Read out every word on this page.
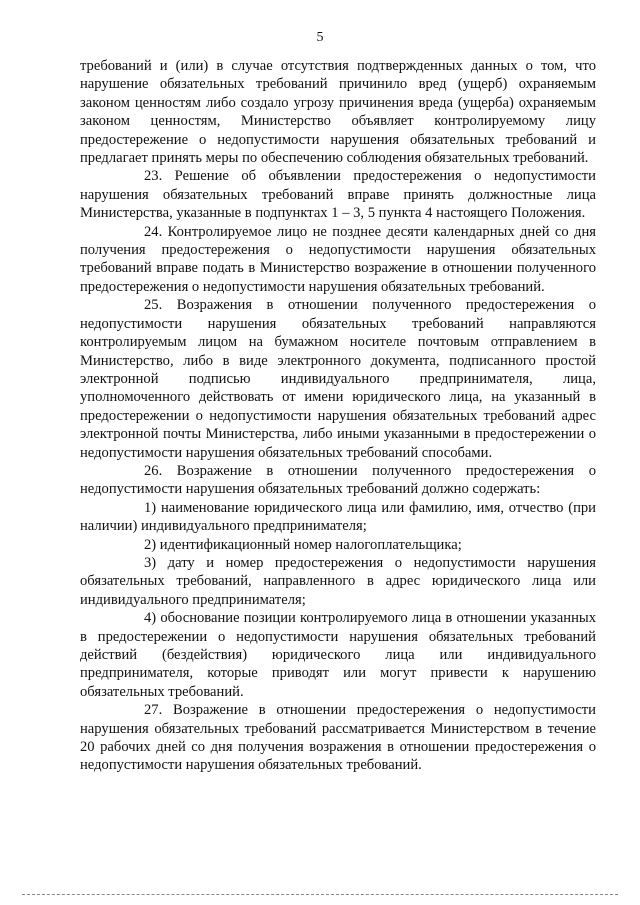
5

требований и (или) в случае отсутствия подтвержденных данных о том, что нарушение обязательных требований причинило вред (ущерб) охраняемым законом ценностям либо создало угрозу причинения вреда (ущерба) охраняемым законом ценностям, Министерство объявляет контролируемому лицу предостережение о недопустимости нарушения обязательных требований и предлагает принять меры по обеспечению соблюдения обязательных требований.

23. Решение об объявлении предостережения о недопустимости нарушения обязательных требований вправе принять должностные лица Министерства, указанные в подпунктах 1 – 3, 5 пункта 4 настоящего Положения.

24. Контролируемое лицо не позднее десяти календарных дней со дня получения предостережения о недопустимости нарушения обязательных требований вправе подать в Министерство возражение в отношении полученного предостережения о недопустимости нарушения обязательных требований.

25. Возражения в отношении полученного предостережения о недопустимости нарушения обязательных требований направляются контролируемым лицом на бумажном носителе почтовым отправлением в Министерство, либо в виде электронного документа, подписанного простой электронной подписью индивидуального предпринимателя, лица, уполномоченного действовать от имени юридического лица, на указанный в предостережении о недопустимости нарушения обязательных требований адрес электронной почты Министерства, либо иными указанными в предостережении о недопустимости нарушения обязательных требований способами.

26. Возражение в отношении полученного предостережения о недопустимости нарушения обязательных требований должно содержать:

1) наименование юридического лица или фамилию, имя, отчество (при наличии) индивидуального предпринимателя;

2) идентификационный номер налогоплательщика;

3) дату и номер предостережения о недопустимости нарушения обязательных требований, направленного в адрес юридического лица или индивидуального предпринимателя;

4) обоснование позиции контролируемого лица в отношении указанных в предостережении о недопустимости нарушения обязательных требований действий (бездействия) юридического лица или индивидуального предпринимателя, которые приводят или могут привести к нарушению обязательных требований.

27. Возражение в отношении предостережения о недопустимости нарушения обязательных требований рассматривается Министерством в течение 20 рабочих дней со дня получения возражения в отношении предостережения о недопустимости нарушения обязательных требований.
